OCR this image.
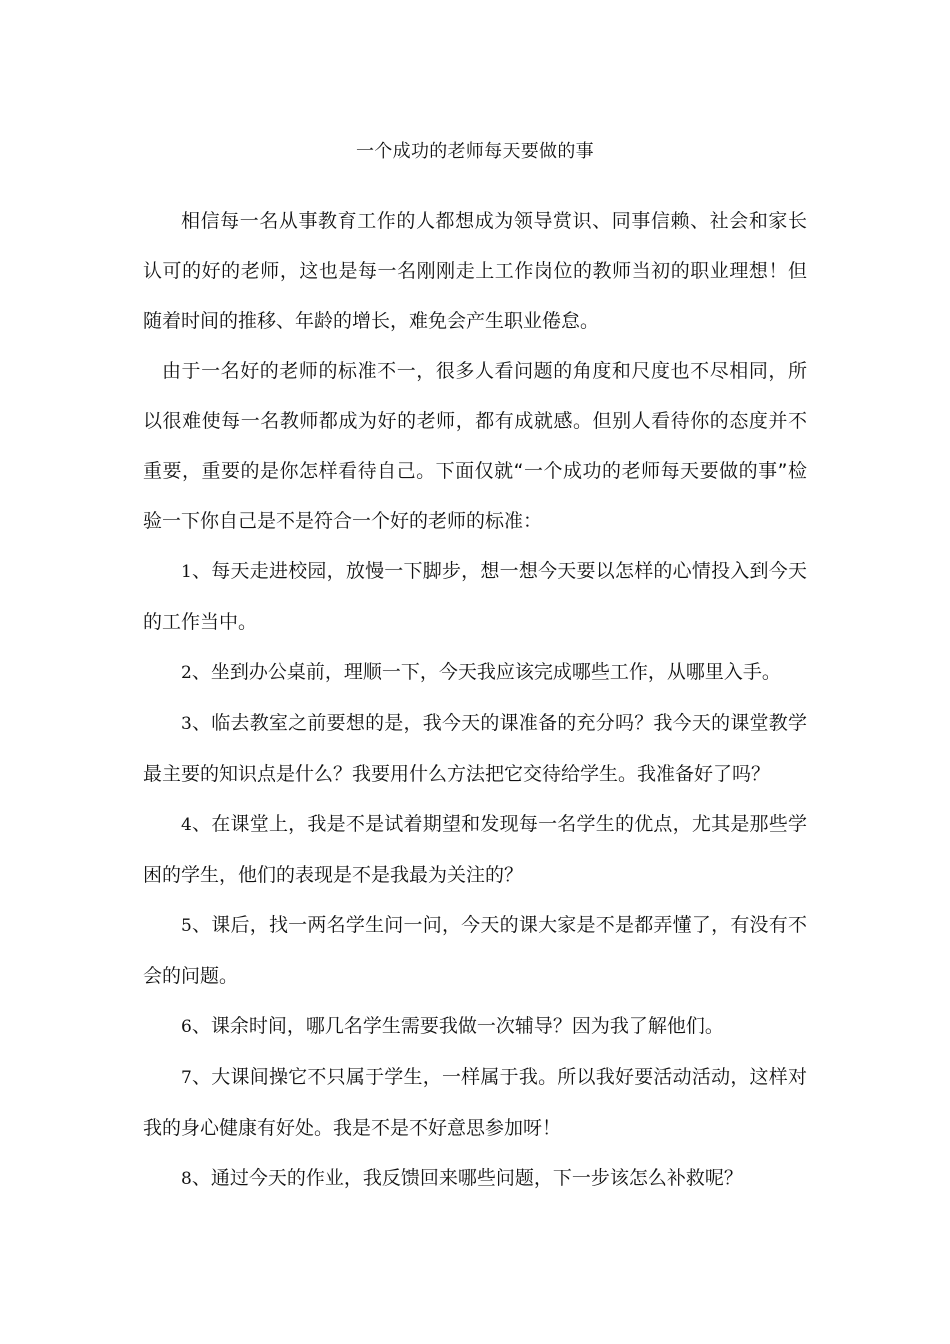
一个成功的老师每天要做的事

相信每一名从事教育工作的人都想成为领导赏识、同事信赖、社会和家长认可的好的老师，这也是每一名刚刚走上工作岗位的教师当初的职业理想！但随着时间的推移、年龄的增长，难免会产生职业倦怠。

由于一名好的老师的标准不一，很多人看问题的角度和尺度也不尽相同，所以很难使每一名教师都成为好的老师，都有成就感。但别人看待你的态度并不重要，重要的是你怎样看待自己。下面仅就“一个成功的老师每天要做的事”检验一下你自己是不是符合一个好的老师的标准：

1、每天走进校园，放慢一下脚步，想一想今天要以怎样的心情投入到今天的工作当中。

2、坐到办公桌前，理顺一下，今天我应该完成哪些工作，从哪里入手。

3、临去教室之前要想的是，我今天的课准备的充分吗？我今天的课堂教学最主要的知识点是什么？我要用什么方法把它交待给学生。我准备好了吗？

4、在课堂上，我是不是试着期望和发现每一名学生的优点，尤其是那些学困的学生，他们的表现是不是我最为关注的？

5、课后，找一两名学生问一问，今天的课大家是不是都弄懂了，有没有不会的问题。

6、课余时间，哪几名学生需要我做一次辅导？因为我了解他们。

7、大课间操它不只属于学生，一样属于我。所以我好要活动活动，这样对我的身心健康有好处。我是不是不好意思参加呀！

8、通过今天的作业，我反馈回来哪些问题，下一步该怎么补救呢？
